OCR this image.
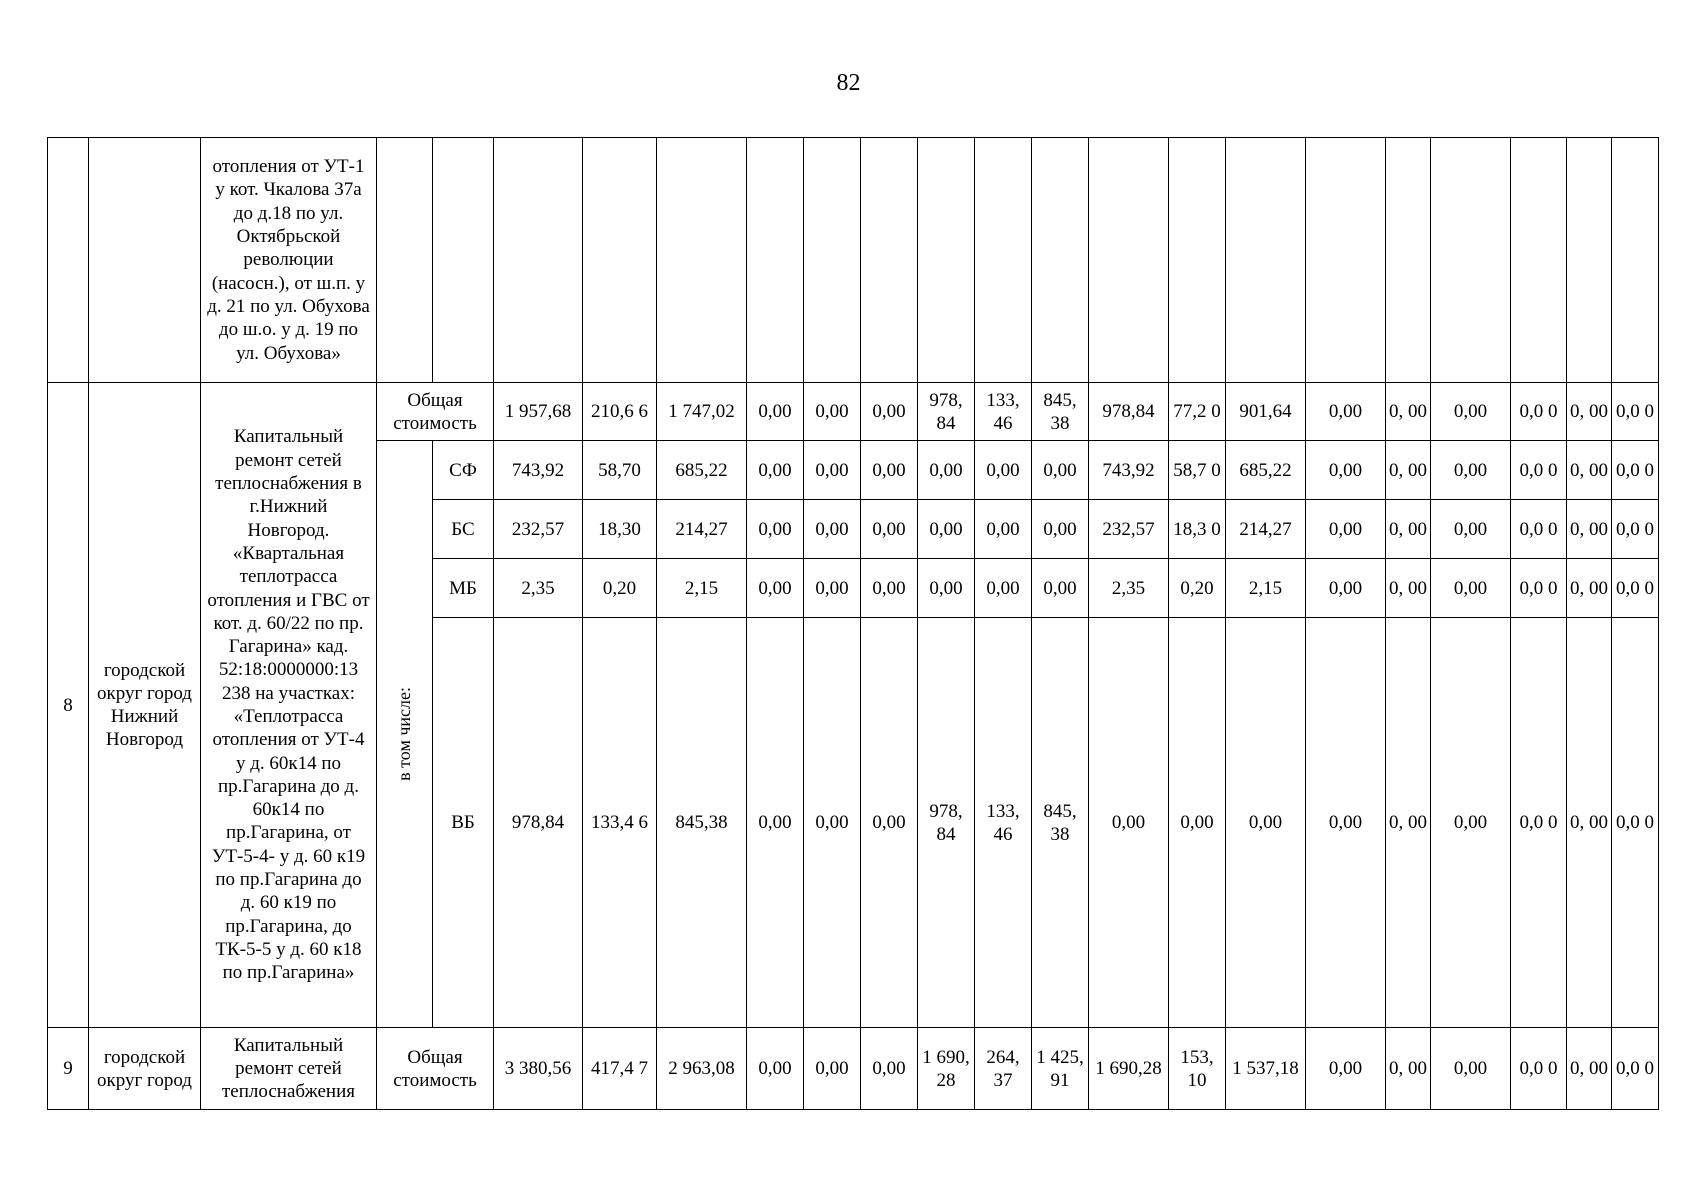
82
		отопления от УТ-1 у кот. Чкалова 37а до д.18 по ул. Октябрьской революции (насосн.), от ш.п. у д. 21 по ул. Обухова до ш.о. у д. 19 по ул. Обухова»																				
8	городской округ город Нижний Новгород	Капитальный ремонт сетей теплоснабжения в г.Нижний Новгород. «Квартальная теплотрасса отопления и ГВС от кот. д. 60/22 по пр. Гагарина» кад. 52:18:0000000:13 238 на участках: «Теплотрасса отопления от УТ-4 у д. 60к14 по пр.Гагарина до д. 60к14 по пр.Гагарина, от УТ-5-4- у д. 60 к19 по пр.Гагарина до д. 60 к19 по пр.Гагарина, до ТК-5-5 у д. 60 к18 по пр.Гагарина»	Общая стоимость		1 957,68	210,6 6	1 747,02	0,00	0,00	0,00	978, 84	133, 46	845, 38	978,84	77,2 0	901,64	0,00	0, 00	0,00	0,0 0	0, 00	0,0 0

			в том числе:	СФ	743,92	58,70	685,22	0,00	0,00	0,00	0,00	0,00	0,00	743,92	58,7 0	685,22	0,00	0, 00	0,00	0,0 0	0, 00	0,0 0
				БС	232,57	18,30	214,27	0,00	0,00	0,00	0,00	0,00	0,00	232,57	18,3 0	214,27	0,00	0, 00	0,00	0,0 0	0, 00	0,0 0
				МБ	2,35	0,20	2,15	0,00	0,00	0,00	0,00	0,00	0,00	2,35	0,20	2,15	0,00	0, 00	0,00	0,0 0	0, 00	0,0 0
				ВБ	978,84	133,4 6	845,38	0,00	0,00	0,00	978, 84	133, 46	845, 38	0,00	0,00	0,00	0,00	0, 00	0,00	0,0 0	0, 00	0,0 0
9	городской округ город	Капитальный ремонт сетей теплоснабжения	Общая стоимость		3 380,56	417,4 7	2 963,08	0,00	0,00	0,00	1 690, 28	264, 37	1 425, 91	1 690,28	153, 10	1 537,18	0,00	0, 00	0,00	0,0 0	0, 00	0,0 0
